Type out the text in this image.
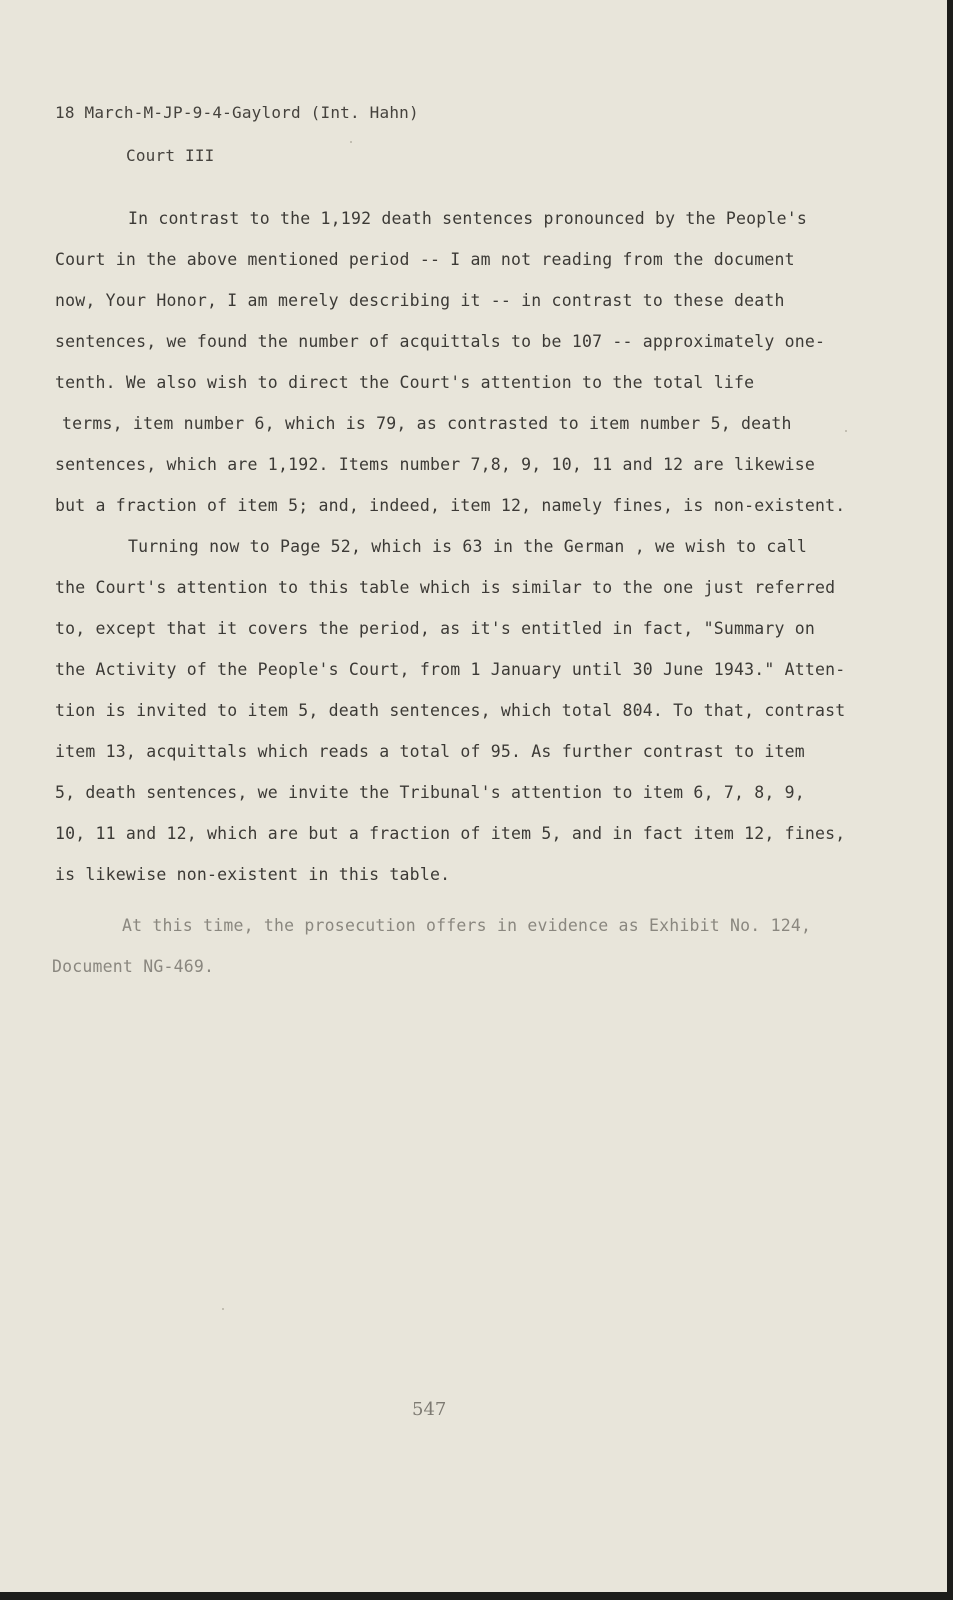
18 March-M-JP-9-4-Gaylord (Int. Hahn)
Court III
In contrast to the 1,192 death sentences pronounced by the People's
Court in the above mentioned period -- I am not reading from the document
now, Your Honor, I am merely describing it -- in contrast to these death
sentences, we found the number of acquittals to be 107 -- approximately one-
tenth. We also wish to direct the Court's attention to the total life
terms, item number 6, which is 79, as contrasted to item number 5, death
sentences, which are 1,192. Items number 7,8, 9, 10, 11 and 12 are likewise
but a fraction of item 5; and, indeed, item 12, namely fines, is non-existent.
Turning now to Page 52, which is 63 in the German , we wish to call
the Court's attention to this table which is similar to the one just referred
to, except that it covers the period, as it's entitled in fact, "Summary on
the Activity of the People's Court, from 1 January until 30 June 1943." Atten-
tion is invited to item 5, death sentences, which total 804. To that, contrast
item 13, acquittals which reads a total of 95. As further contrast to item
5, death sentences, we invite the Tribunal's attention to item 6, 7, 8, 9,
10, 11 and 12, which are but a fraction of item 5, and in fact item 12, fines,
is likewise non-existent in this table.
At this time, the prosecution offers in evidence as Exhibit No. 124,
Document NG-469.
547
